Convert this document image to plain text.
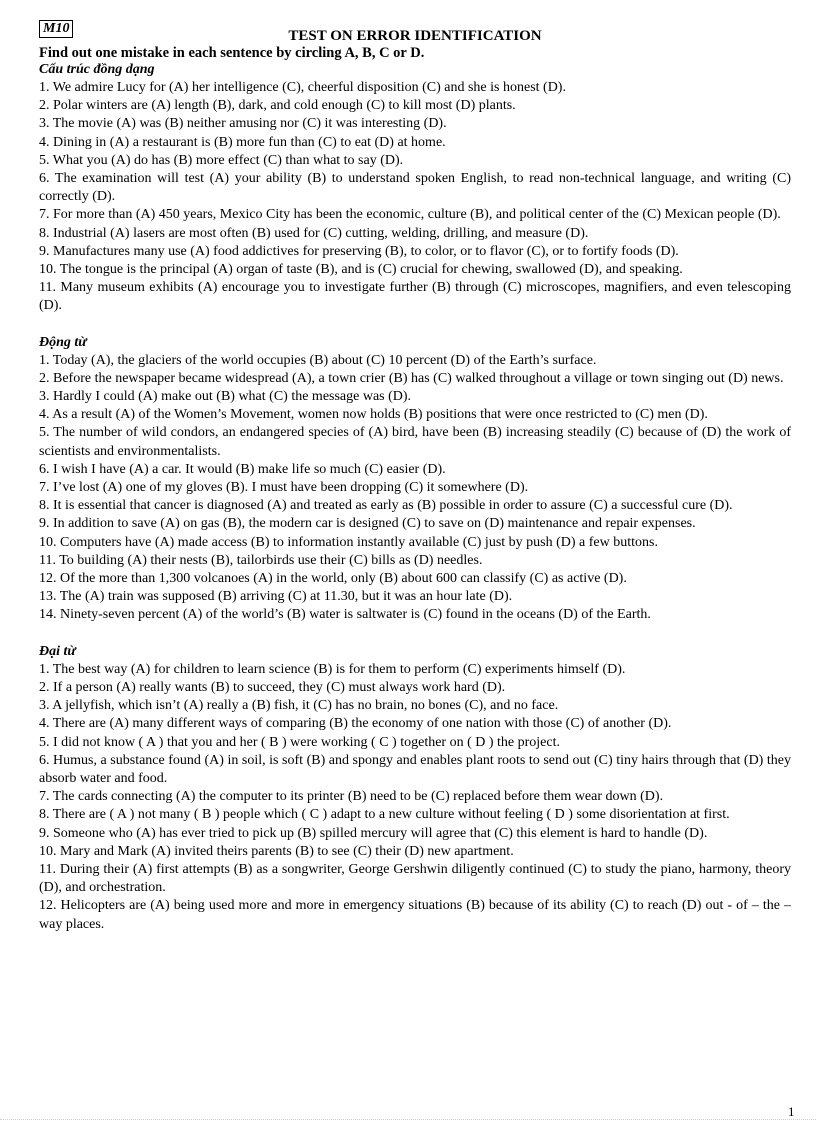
M10	TEST ON ERROR IDENTIFICATION
Find out one mistake in each sentence by circling A, B, C or D.
Cấu trúc đồng dạng
1. We admire Lucy for (A) her intelligence (C), cheerful disposition (C) and she is honest (D).
2. Polar winters are (A) length (B), dark, and cold enough (C) to kill most (D) plants.
3. The movie (A) was (B) neither amusing nor (C) it was interesting (D).
4. Dining in (A) a restaurant is (B) more fun than (C) to eat (D) at home.
5. What you (A) do has (B) more effect (C) than what to say (D).
6. The examination will test (A) your ability (B) to understand spoken English, to read non-technical language, and writing (C) correctly (D).
7. For more than (A) 450 years, Mexico City has been the economic, culture (B), and political center of the (C) Mexican people (D).
8. Industrial (A) lasers are most often (B) used for (C) cutting, welding, drilling, and measure (D).
9. Manufactures many use (A) food addictives for preserving (B), to color, or to flavor (C), or to fortify foods (D).
10. The tongue is the principal (A) organ of taste (B), and is (C) crucial for chewing, swallowed (D), and speaking.
11. Many museum exhibits (A) encourage you to investigate further (B) through (C) microscopes, magnifiers, and even telescoping (D).
Động từ
1. Today (A), the glaciers of the world occupies (B) about (C) 10 percent (D) of the Earth’s surface.
2. Before the newspaper became widespread (A), a town crier (B) has (C) walked throughout a village or town singing out (D) news.
3. Hardly I could (A) make out (B) what (C) the message was (D).
4. As a result (A) of the Women’s Movement, women now holds (B) positions that were once restricted to (C) men (D).
5. The number of wild condors, an endangered species of (A) bird, have been (B) increasing steadily (C) because of (D) the work of scientists and environmentalists.
6. I wish I have (A) a car. It would (B) make life so much (C) easier (D).
7. I’ve lost (A) one of my gloves (B). I must have been dropping (C) it somewhere (D).
8. It is essential that cancer is diagnosed (A) and treated as early as (B) possible in order to assure (C) a successful cure (D).
9. In addition to save (A) on gas (B), the modern car is designed (C) to save on (D) maintenance and repair expenses.
10. Computers have (A) made access (B) to information instantly available (C) just by push (D) a few buttons.
11. To building (A) their nests (B), tailorbirds use their (C) bills as (D) needles.
12. Of the more than 1,300 volcanoes (A) in the world, only (B) about 600 can classify (C) as active (D).
13. The (A) train was supposed (B) arriving (C) at 11.30, but it was an hour late (D).
14. Ninety-seven percent (A) of the world’s (B) water is saltwater is (C) found in the oceans (D) of the Earth.
Đại từ
1. The best way (A) for children to learn science (B) is for them to perform (C) experiments himself (D).
2. If a person (A) really wants (B) to succeed, they (C) must always work hard (D).
3. A jellyfish, which isn’t (A) really a (B) fish, it (C) has no brain, no bones (C), and no face.
4. There are (A) many different ways of comparing (B) the economy of one nation with those (C) of another (D).
5. I did not know ( A ) that you and her ( B ) were working ( C ) together on ( D ) the project.
6. Humus, a substance found (A) in soil, is soft (B) and spongy and enables plant roots to send out (C) tiny hairs through that (D) they absorb water and food.
7. The cards connecting (A) the computer to its printer (B) need to be (C) replaced before them wear down (D).
8. There are ( A ) not many ( B ) people which ( C ) adapt to a new culture without feeling ( D ) some disorientation at first.
9. Someone who (A) has ever tried to pick up (B) spilled mercury will agree that (C) this element is hard to handle (D).
10. Mary and Mark (A) invited theirs parents (B) to see (C) their (D) new apartment.
11. During their (A) first attempts (B) as a songwriter, George Gershwin diligently continued (C) to study the piano, harmony, theory (D), and orchestration.
12. Helicopters are (A) being used more and more in emergency situations (B) because of its ability (C) to reach (D) out - of – the – way places.
1
